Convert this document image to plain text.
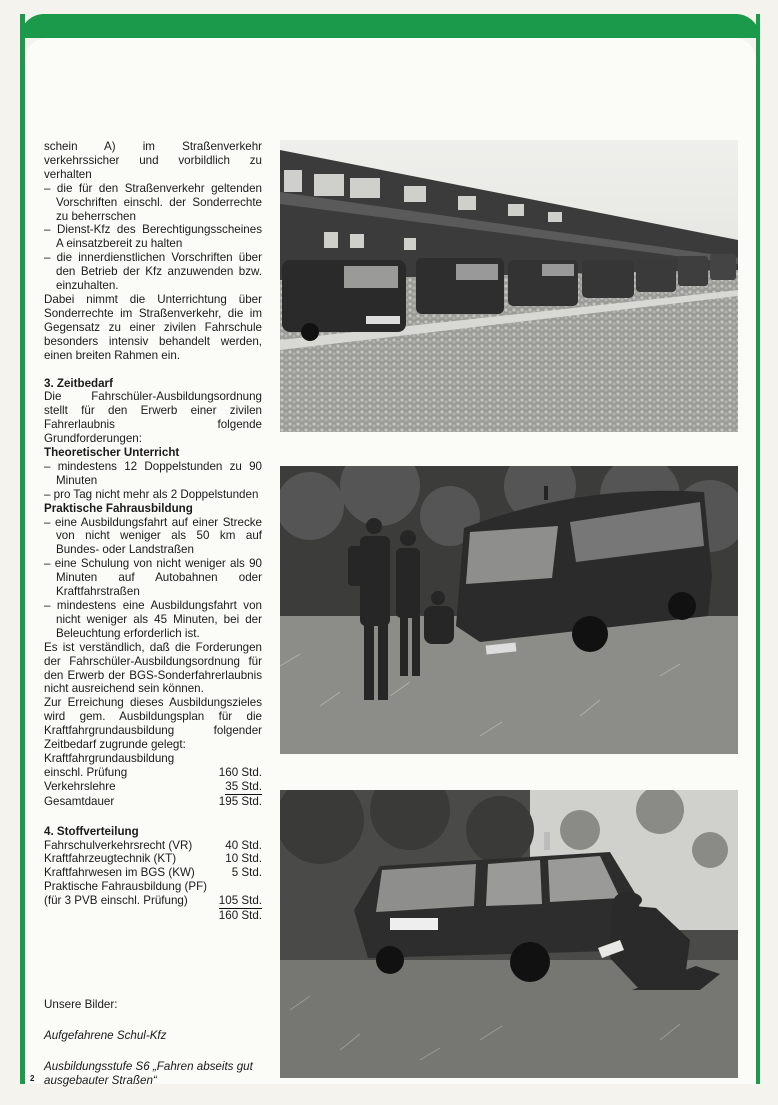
schein A) im Straßenverkehr verkehrssicher und vorbildlich zu verhalten

– die für den Straßenverkehr geltenden Vorschriften einschl. der Sonderrechte zu beherrschen

– Dienst-Kfz des Berechtigungsscheines A einsatzbereit zu halten

– die innerdienstlichen Vorschriften über den Betrieb der Kfz anzuwenden bzw. einzuhalten.

Dabei nimmt die Unterrichtung über Sonderrechte im Straßenverkehr, die im Gegensatz zu einer zivilen Fahrschule besonders intensiv behandelt werden, einen breiten Rahmen ein.

3. Zeitbedarf

Die Fahrschüler-Ausbildungsordnung stellt für den Erwerb einer zivilen Fahrerlaubnis folgende Grundforderungen:

Theoretischer Unterricht

– mindestens 12 Doppelstunden zu 90 Minuten

– pro Tag nicht mehr als 2 Doppelstunden

Praktische Fahrausbildung

– eine Ausbildungsfahrt auf einer Strecke von nicht weniger als 50 km auf Bundes- oder Landstraßen

– eine Schulung von nicht weniger als 90 Minuten auf Autobahnen oder Kraftfahrstraßen

– mindestens eine Ausbildungsfahrt von nicht weniger als 45 Minuten, bei der Beleuchtung erforderlich ist.

Es ist verständlich, daß die Forderungen der Fahrschüler-Ausbildungsordnung für den Erwerb der BGS-Sonderfahrerlaubnis nicht ausreichend sein können.

Zur Erreichung dieses Ausbildungszieles wird gem. Ausbildungsplan für die Kraftfahrgrundausbildung folgender Zeitbedarf zugrunde gelegt:

Kraftfahrgrundausbildung

einschl. Prüfung	160 Std.
Verkehrslehre	35 Std.
Gesamtdauer	195 Std.

4. Stoffverteilung

Fahrschulverkehrsrecht (VR)	40 Std.
Kraftfahrzeugtechnik (KT)	10 Std.
Kraftfahrwesen im BGS (KW)	5 Std.

Praktische Fahrausbildung (PF)

(für 3 PVB einschl. Prüfung)	105 Std.
160 Std.

Unsere Bilder:

Aufgefahrene Schul-Kfz

Ausbildungsstufe S6 „Fahren abseits gut ausgebauter Straßen“

2
